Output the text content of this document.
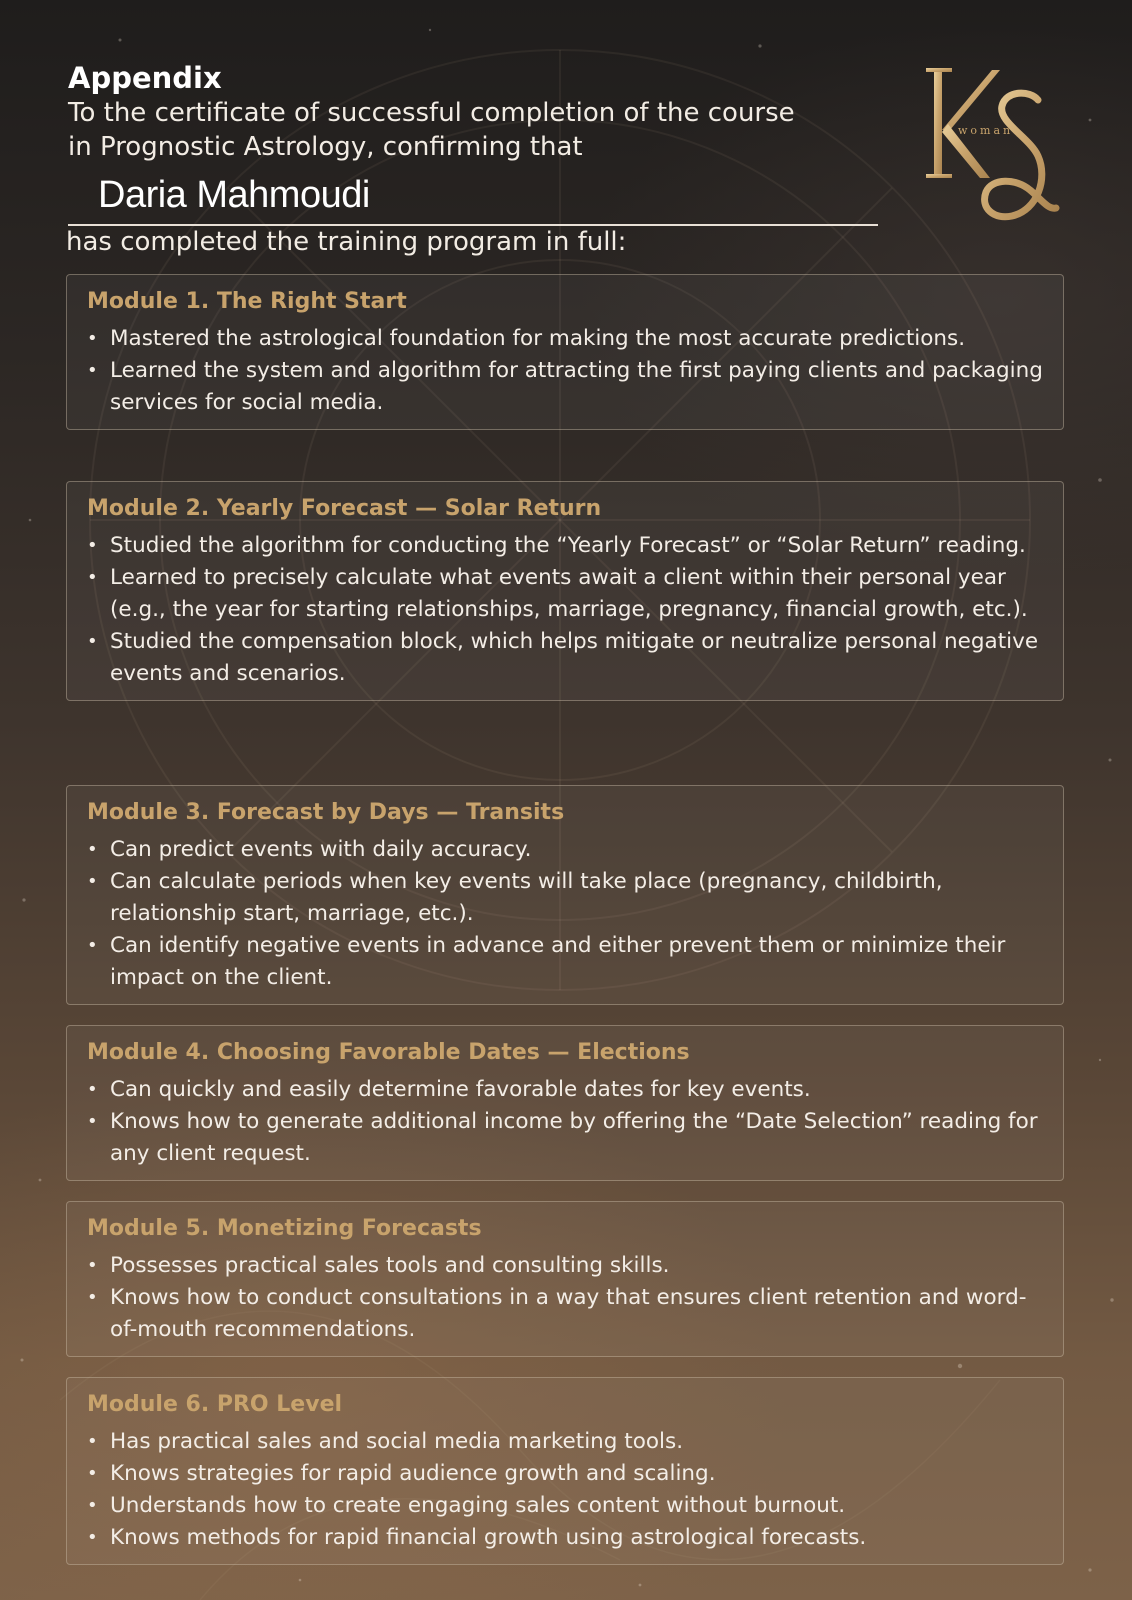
Appendix

To the certificate of successful completion of the course

in Prognostic Astrology, confirming that

Daria Mahmoudi
has completed the training program in full:
woman
Module 1. The Right Start
• Mastered the astrological foundation for making the most accurate predictions.
• Learned the system and algorithm for attracting the first paying clients and packaging services for social media.
Module 2. Yearly Forecast — Solar Return
• Studied the algorithm for conducting the “Yearly Forecast” or “Solar Return” reading.
• Learned to precisely calculate what events await a client within their personal year (e.g., the year for starting relationships, marriage, pregnancy, financial growth, etc.).
• Studied the compensation block, which helps mitigate or neutralize personal negative events and scenarios.
Module 3. Forecast by Days — Transits
• Can predict events with daily accuracy.
• Can calculate periods when key events will take place (pregnancy, childbirth, relationship start, marriage, etc.).
• Can identify negative events in advance and either prevent them or minimize their impact on the client.
Module 4. Choosing Favorable Dates — Elections
• Can quickly and easily determine favorable dates for key events.
• Knows how to generate additional income by offering the “Date Selection” reading for any client request.
Module 5. Monetizing Forecasts
• Possesses practical sales tools and consulting skills.
• Knows how to conduct consultations in a way that ensures client retention and word-of-mouth recommendations.
Module 6. PRO Level
• Has practical sales and social media marketing tools.
• Knows strategies for rapid audience growth and scaling.
• Understands how to create engaging sales content without burnout.
• Knows methods for rapid financial growth using astrological forecasts.
